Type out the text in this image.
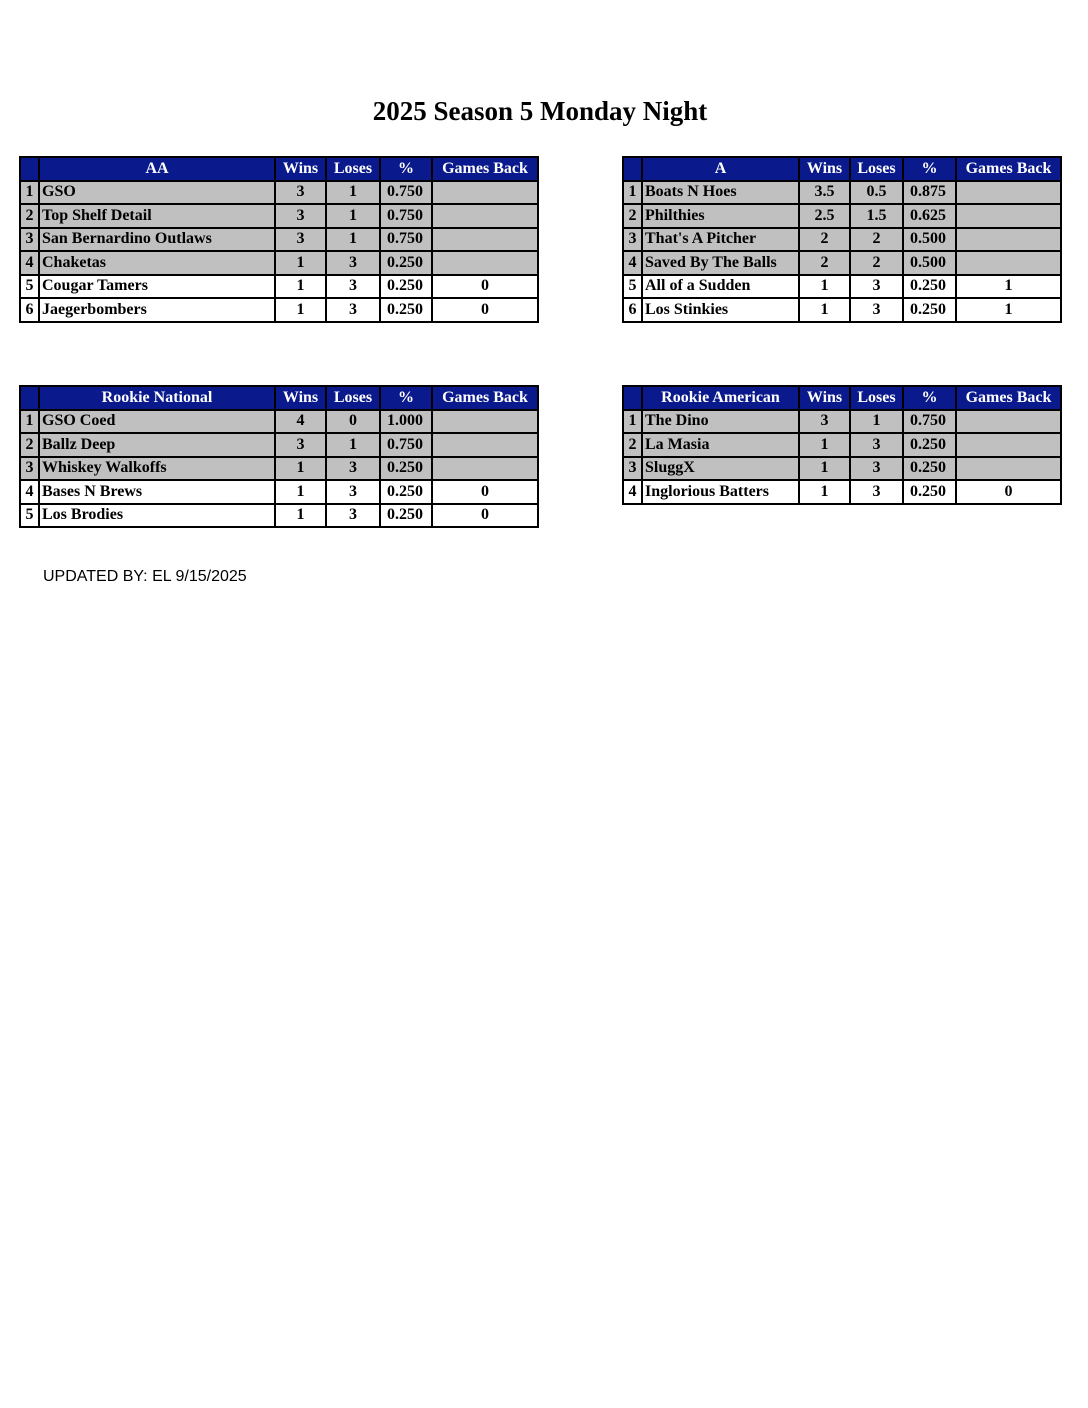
2025 Season 5 Monday Night
	AA	Wins	Loses	%	Games Back
1	GSO	3	1	0.750	
2	Top Shelf Detail	3	1	0.750	
3	San Bernardino Outlaws	3	1	0.750	
4	Chaketas	1	3	0.250	
5	Cougar Tamers	1	3	0.250	0
6	Jaegerbombers	1	3	0.250	0
	A	Wins	Loses	%	Games Back
1	Boats N Hoes	3.5	0.5	0.875	
2	Philthies	2.5	1.5	0.625	
3	That's A Pitcher	2	2	0.500	
4	Saved By The Balls	2	2	0.500	
5	All of a Sudden	1	3	0.250	1
6	Los Stinkies	1	3	0.250	1
	Rookie National	Wins	Loses	%	Games Back
1	GSO Coed	4	0	1.000	
2	Ballz Deep	3	1	0.750	
3	Whiskey Walkoffs	1	3	0.250	
4	Bases N Brews	1	3	0.250	0
5	Los Brodies	1	3	0.250	0
	Rookie American	Wins	Loses	%	Games Back
1	The Dino	3	1	0.750	
2	La Masia	1	3	0.250	
3	SluggX	1	3	0.250	
4	Inglorious Batters	1	3	0.250	0
UPDATED BY: EL 9/15/2025
